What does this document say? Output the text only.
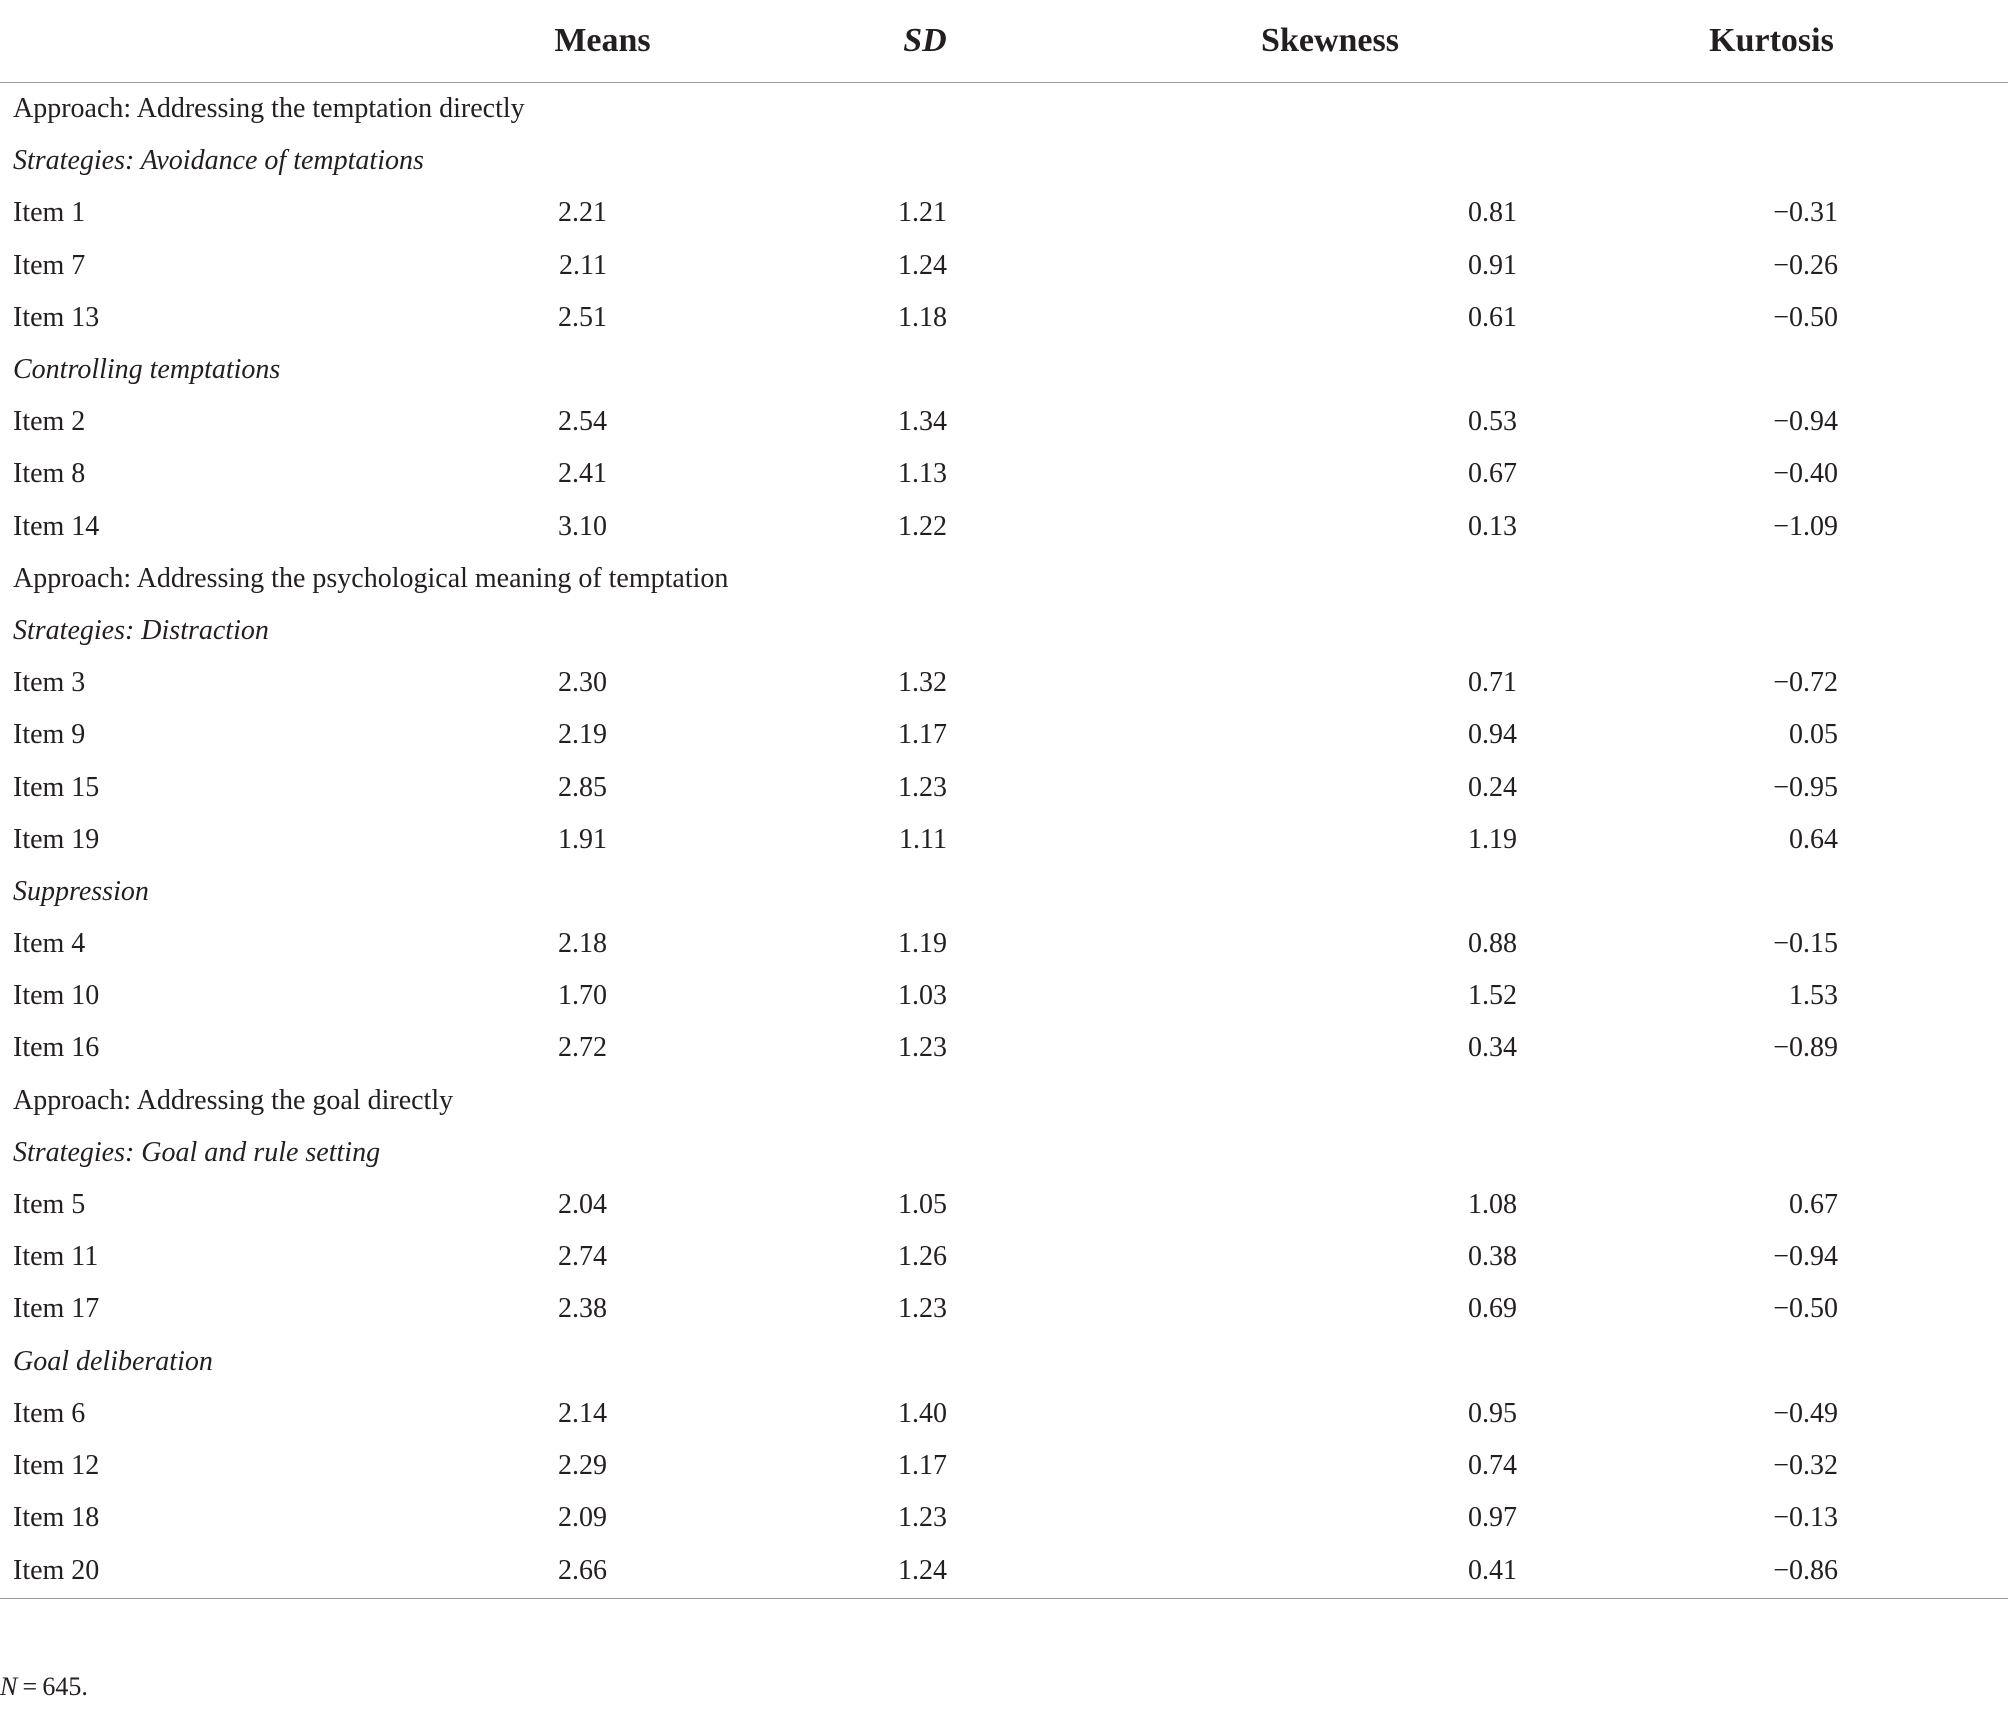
	Means	SD	Skewness	Kurtosis
Approach: Addressing the temptation directly				
Strategies: Avoidance of temptations				
Item 1	2.21	1.21	0.81	−0.31
Item 7	2.11	1.24	0.91	−0.26
Item 13	2.51	1.18	0.61	−0.50
Controlling temptations				
Item 2	2.54	1.34	0.53	−0.94
Item 8	2.41	1.13	0.67	−0.40
Item 14	3.10	1.22	0.13	−1.09
Approach: Addressing the psychological meaning of temptation				
Strategies: Distraction				
Item 3	2.30	1.32	0.71	−0.72
Item 9	2.19	1.17	0.94	0.05
Item 15	2.85	1.23	0.24	−0.95
Item 19	1.91	1.11	1.19	0.64
Suppression				
Item 4	2.18	1.19	0.88	−0.15
Item 10	1.70	1.03	1.52	1.53
Item 16	2.72	1.23	0.34	−0.89
Approach: Addressing the goal directly				
Strategies: Goal and rule setting				
Item 5	2.04	1.05	1.08	0.67
Item 11	2.74	1.26	0.38	−0.94
Item 17	2.38	1.23	0.69	−0.50
Goal deliberation				
Item 6	2.14	1.40	0.95	−0.49
Item 12	2.29	1.17	0.74	−0.32
Item 18	2.09	1.23	0.97	−0.13
Item 20	2.66	1.24	0.41	−0.86
N = 645.
